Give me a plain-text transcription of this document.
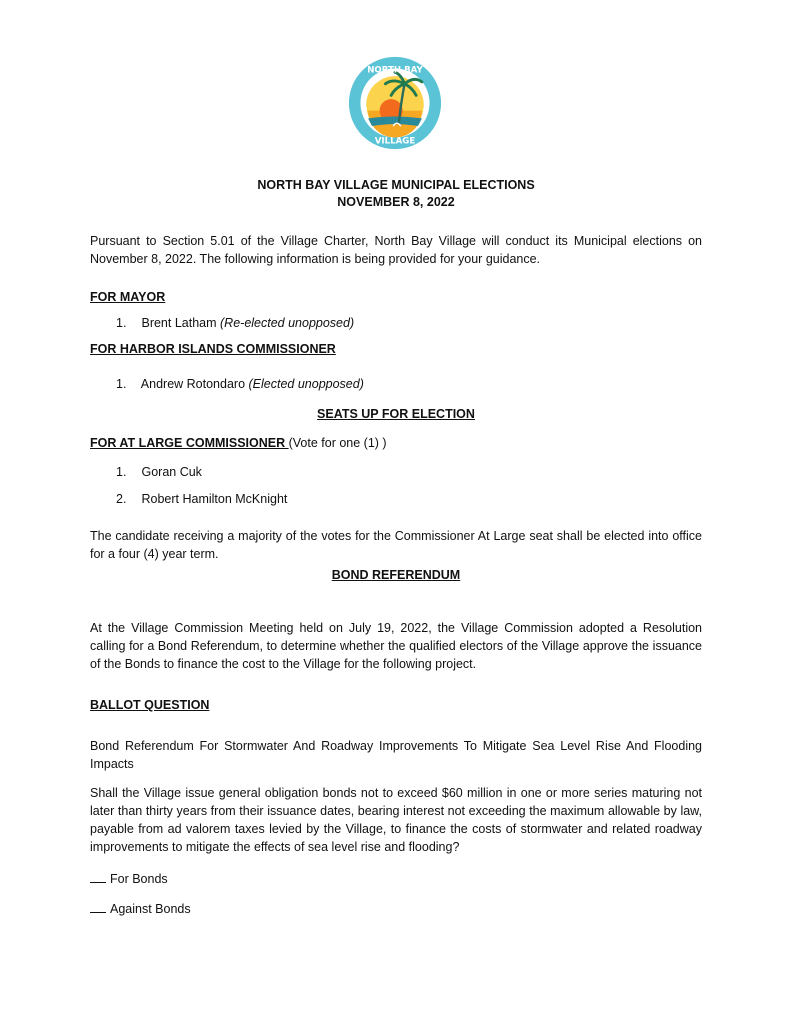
NORTH BAY
VILLAGE
19	45
NORTH BAY VILLAGE MUNICIPAL ELECTIONS
NOVEMBER 8, 2022
Pursuant to Section 5.01 of the Village Charter, North Bay Village will conduct its Municipal elections on November 8, 2022. The following information is being provided for your guidance.
FOR MAYOR
1. Brent Latham (Re-elected unopposed)
FOR HARBOR ISLANDS COMMISSIONER
1. Andrew Rotondaro (Elected unopposed)
SEATS UP FOR ELECTION
FOR AT LARGE COMMISSIONER (Vote for one (1) )
1. Goran Cuk
2. Robert Hamilton McKnight
The candidate receiving a majority of the votes for the Commissioner At Large seat shall be elected into office for a four (4) year term.
BOND REFERENDUM
At the Village Commission Meeting held on July 19, 2022, the Village Commission adopted a Resolution calling for a Bond Referendum, to determine whether the qualified electors of the Village approve the issuance of the Bonds to finance the cost to the Village for the following project.
BALLOT QUESTION
Bond Referendum For Stormwater And Roadway Improvements To Mitigate Sea Level Rise And Flooding Impacts
Shall the Village issue general obligation bonds not to exceed $60 million in one or more series maturing not later than thirty years from their issuance dates, bearing interest not exceeding the maximum allowable by law, payable from ad valorem taxes levied by the Village, to finance the costs of stormwater and related roadway improvements to mitigate the effects of sea level rise and flooding?
For Bonds
Against Bonds
